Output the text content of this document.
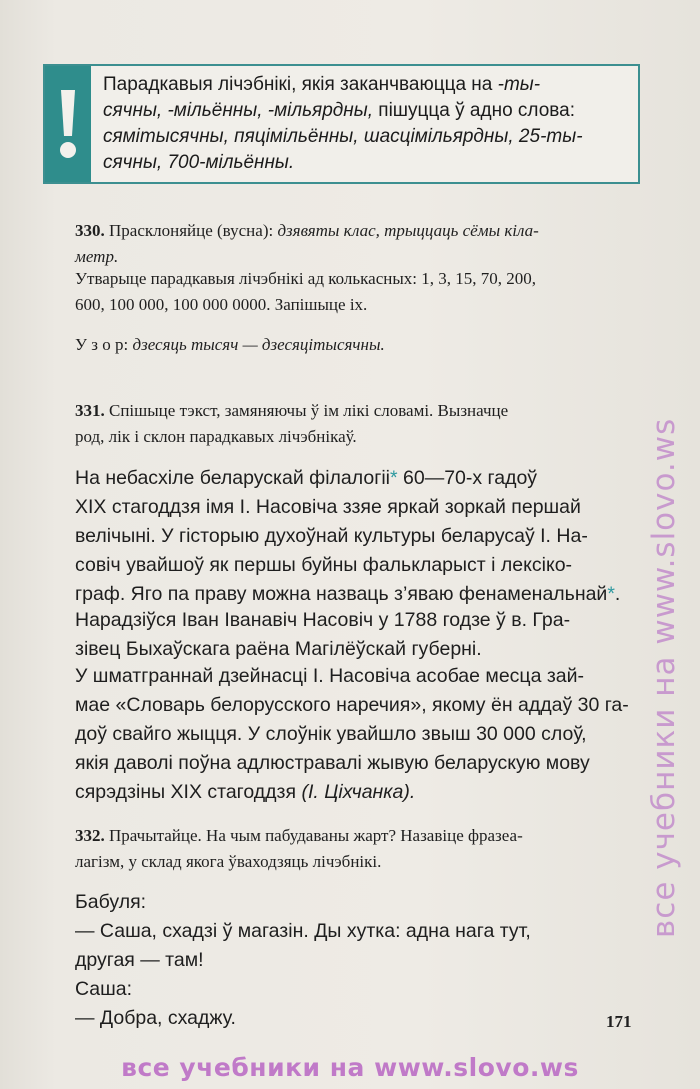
Парадкавыя лічэбнікі, якія заканчваюцца на -ты-
сячны, -мільённы, -мільярдны, пішуцца ў адно слова:
сямітысячны, пяцімільённы, шасцімільярдны, 25-ты-
сячны, 700-мільённы.
330. Прасклоняйце (вусна): дзявяты клас, трыццаць сёмы кіла-
метр.
Утварыце парадкавыя лічэбнікі ад колькасных: 1, 3, 15, 70, 200,
600, 100 000, 100 000 0000. Запішыце іх.
У з о р: дзесяць тысяч — дзесяцітысячны.
331. Спішыце тэкст, замяняючы ў ім лікі словамі. Вызначце
род, лік і склон парадкавых лічэбнікаў.
На небасхіле беларускай філалогіі* 60—70-х гадоў
XIX стагоддзя імя І. Насовіча ззяе яркай зоркай першай
велічыні. У гісторыю духоўнай культуры беларусаў І. На-
совіч увайшоў як першы буйны фалькларыст і лексіко-
граф. Яго па праву можна назваць з’яваю фенаменальнай*.
Нарадзіўся Іван Іванавіч Насовіч у 1788 годзе ў в. Гра-
зівец Быхаўскага раёна Магілёўскай губерні.
У шматграннай дзейнасці І. Насовіча асобае месца зай-
мае «Словарь белорусского наречия», якому ён аддаў 30 га-
доў свайго жыцця. У слоўнік увайшло звыш 30 000 слоў,
якія даволі поўна адлюстравалі жывую беларускую мову
сярэдзіны XIX стагоддзя (І. Ціхчанка).
332. Прачытайце. На чым пабудаваны жарт? Назавіце фразеа-
лагізм, у склад якога ўваходзяць лічэбнікі.
Бабуля:
— Саша, схадзі ў магазін. Ды хутка: адна нага тут,
другая — там!
Саша:
— Добра, схаджу.	171
все учебники на www.slovo.ws
все учебники на www.slovo.ws
